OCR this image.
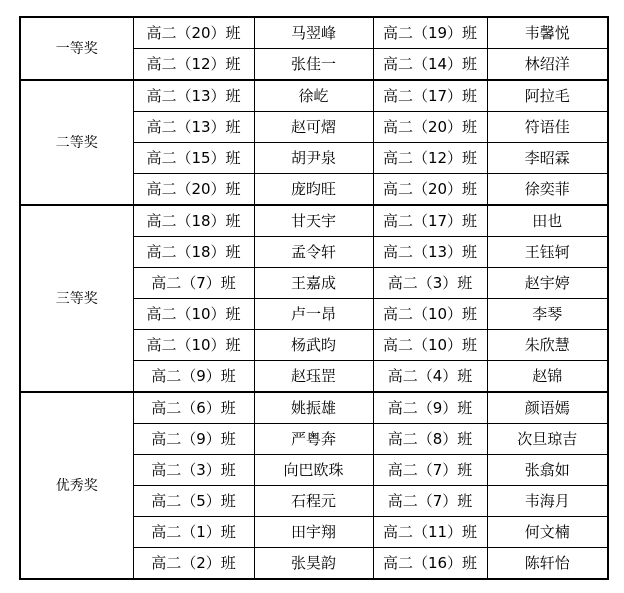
一等奖	高二（20）班	马翌峰	高二（19）班	韦馨悦
	高二（12）班	张佳一	高二（14）班	林绍洋
二等奖	高二（13）班	徐屹	高二（17）班	阿拉毛
	高二（13）班	赵可熠	高二（20）班	符语佳
	高二（15）班	胡尹泉	高二（12）班	李昭霖
	高二（20）班	庞昀旺	高二（20）班	徐奕菲
三等奖	高二（18）班	甘天宇	高二（17）班	田也
	高二（18）班	孟令轩	高二（13）班	王钰轲
	高二（7）班	王嘉成	高二（3）班	赵宇婷
	高二（10）班	卢一昂	高二（10）班	李琴
	高二（10）班	杨武昀	高二（10）班	朱欣慧
	高二（9）班	赵珏罡	高二（4）班	赵锦
优秀奖	高二（6）班	姚振雄	高二（9）班	颜语嫣
	高二（9）班	严粤奔	高二（8）班	次旦琼吉
	高二（3）班	向巴欧珠	高二（7）班	张翕如
	高二（5）班	石程元	高二（7）班	韦海月
	高二（1）班	田宇翔	高二（11）班	何文楠
	高二（2）班	张昊韵	高二（16）班	陈轩怡
